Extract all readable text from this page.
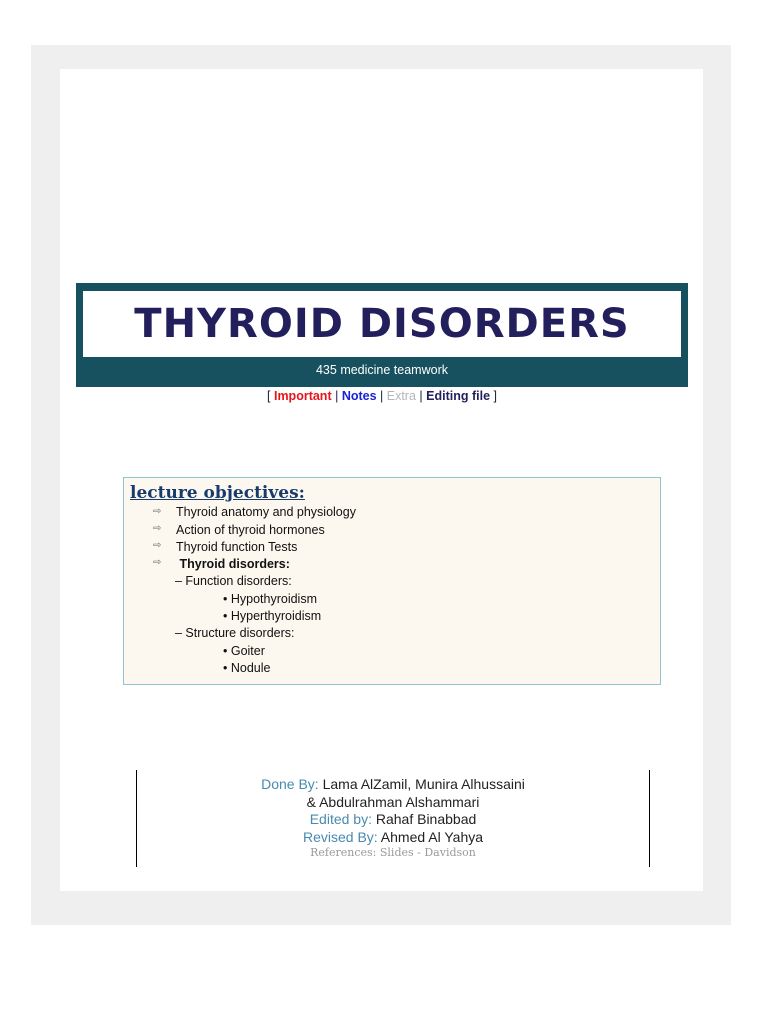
THYROID DISORDERS
435 medicine teamwork
[ Important | Notes | Extra | Editing file ]
lecture objectives:
⇨ Thyroid anatomy and physiology
⇨ Action of thyroid hormones
⇨ Thyroid function Tests
⇨ Thyroid disorders:
– Function disorders:
• Hypothyroidism
• Hyperthyroidism
– Structure disorders:
• Goiter
• Nodule
Done By: Lama AlZamil, Munira Alhussaini
& Abdulrahman Alshammari
Edited by: Rahaf Binabbad
Revised By: Ahmed Al Yahya
References: Slides - Davidson
